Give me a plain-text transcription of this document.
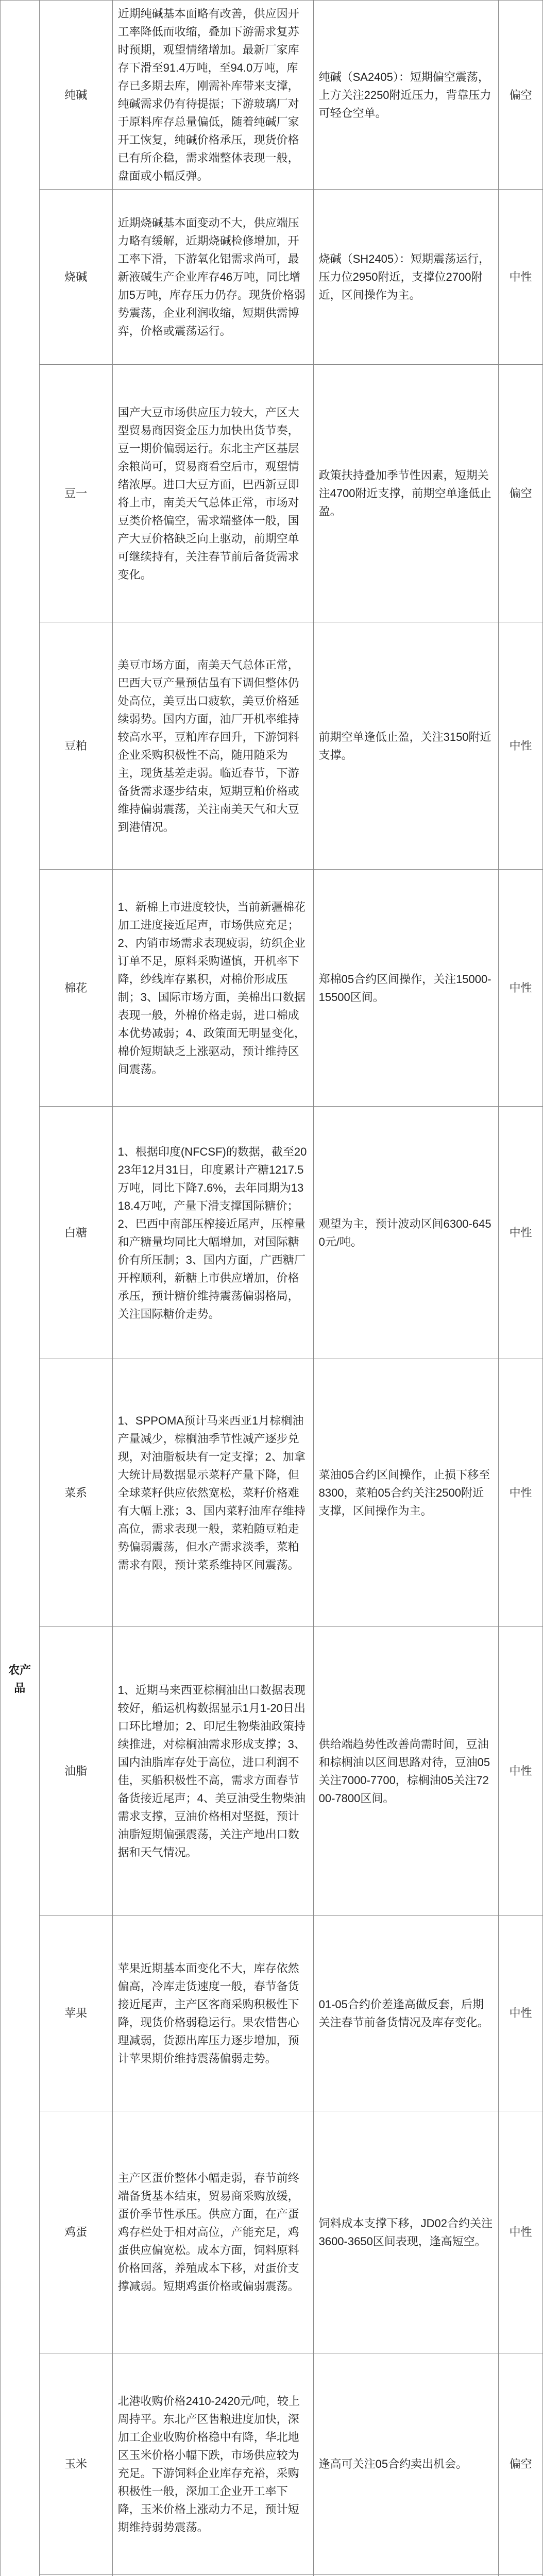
农产品	纯碱	近期纯碱基本面略有改善，供应因开工率降低而收缩，叠加下游需求复苏时预期，观望情绪增加。最新厂家库存下滑至91.4万吨，至94.0万吨，库存已多期去库，刚需补库带来支撑，纯碱需求仍有待提振；下游玻璃厂对于原料库存总量偏低，随着纯碱厂家开工恢复，纯碱价格承压，现货价格已有所企稳，需求端整体表现一般，盘面或小幅反弹。	纯碱（SA2405）：短期偏空震荡，上方关注2250附近压力，背靠压力可轻仓空单。	偏空
	烧碱	近期烧碱基本面变动不大，供应端压力略有缓解，近期烧碱检修增加，开工率下滑，下游氧化铝需求尚可，最新液碱生产企业库存46万吨，同比增加5万吨，库存压力仍存。现货价格弱势震荡，企业利润收缩，短期供需博弈，价格或震荡运行。	烧碱（SH2405）：短期震荡运行，压力位2950附近，支撑位2700附近，区间操作为主。	中性
	豆一	国产大豆市场供应压力较大，产区大型贸易商因资金压力加快出货节奏，豆一期价偏弱运行。东北主产区基层余粮尚可，贸易商看空后市，观望情绪浓厚。进口大豆方面，巴西新豆即将上市，南美天气总体正常，市场对豆类价格偏空，需求端整体一般，国产大豆价格缺乏向上驱动，前期空单可继续持有，关注春节前后备货需求变化。	政策扶持叠加季节性因素，短期关注4700附近支撑，前期空单逢低止盈。	偏空
	豆粕	美豆市场方面，南美天气总体正常，巴西大豆产量预估虽有下调但整体仍处高位，美豆出口疲软，美豆价格延续弱势。国内方面，油厂开机率维持较高水平，豆粕库存回升，下游饲料企业采购积极性不高，随用随采为主，现货基差走弱。临近春节，下游备货需求逐步结束，短期豆粕价格或维持偏弱震荡，关注南美天气和大豆到港情况。	前期空单逢低止盈，关注3150附近支撑。	中性
	棉花	1、新棉上市进度较快，当前新疆棉花加工进度接近尾声，市场供应充足；2、内销市场需求表现疲弱，纺织企业订单不足，原料采购谨慎，开机率下降，纱线库存累积，对棉价形成压制；3、国际市场方面，美棉出口数据表现一般，外棉价格走弱，进口棉成本优势减弱；4、政策面无明显变化，棉价短期缺乏上涨驱动，预计维持区间震荡。	郑棉05合约区间操作，关注15000-15500区间。	中性
	白糖	1、根据印度(NFCSF)的数据，截至2023年12月31日，印度累计产糖1217.5万吨，同比下降7.6%，去年同期为1318.4万吨，产量下滑支撑国际糖价；2、巴西中南部压榨接近尾声，压榨量和产糖量均同比大幅增加，对国际糖价有所压制；3、国内方面，广西糖厂开榨顺利，新糖上市供应增加，价格承压，预计糖价维持震荡偏弱格局，关注国际糖价走势。	观望为主，预计波动区间6300-6450元/吨。	中性
	菜系	1、SPPOMA预计马来西亚1月棕榈油产量减少，棕榈油季节性减产逐步兑现，对油脂板块有一定支撑；2、加拿大统计局数据显示菜籽产量下降，但全球菜籽供应依然宽松，菜籽价格难有大幅上涨；3、国内菜籽油库存维持高位，需求表现一般，菜粕随豆粕走势偏弱震荡，但水产需求淡季，菜粕需求有限，预计菜系维持区间震荡。	菜油05合约区间操作，止损下移至8300，菜粕05合约关注2500附近支撑，区间操作为主。	中性
	油脂	1、近期马来西亚棕榈油出口数据表现较好，船运机构数据显示1月1-20日出口环比增加；2、印尼生物柴油政策持续推进，对棕榈油需求形成支撑；3、国内油脂库存处于高位，进口利润不佳，买船积极性不高，需求方面春节备货接近尾声；4、美豆油受生物柴油需求支撑，豆油价格相对坚挺，预计油脂短期偏强震荡，关注产地出口数据和天气情况。	供给端趋势性改善尚需时间，豆油和棕榈油以区间思路对待，豆油05关注7000-7700，棕榈油05关注7200-7800区间。	中性
	苹果	苹果近期基本面变化不大，库存依然偏高，冷库走货速度一般，春节备货接近尾声，主产区客商采购积极性下降，现货价格弱稳运行。果农惜售心理减弱，货源出库压力逐步增加，预计苹果期价维持震荡偏弱走势。	01-05合约价差逢高做反套，后期关注春节前备货情况及库存变化。	中性
	鸡蛋	主产区蛋价整体小幅走弱，春节前终端备货基本结束，贸易商采购放缓，蛋价季节性承压。供应方面，在产蛋鸡存栏处于相对高位，产能充足，鸡蛋供应偏宽松。成本方面，饲料原料价格回落，养殖成本下移，对蛋价支撑减弱。短期鸡蛋价格或偏弱震荡。	饲料成本支撑下移，JD02合约关注3600-3650区间表现，逢高短空。	中性
	玉米	北港收购价格2410-2420元/吨，较上周持平。东北产区售粮进度加快，深加工企业收购价格稳中有降，华北地区玉米价格小幅下跌，市场供应较为充足。下游饲料企业库存充裕，采购积极性一般，深加工企业开工率下降，玉米价格上涨动力不足，预计短期维持弱势震荡。	逢高可关注05合约卖出机会。	偏空
